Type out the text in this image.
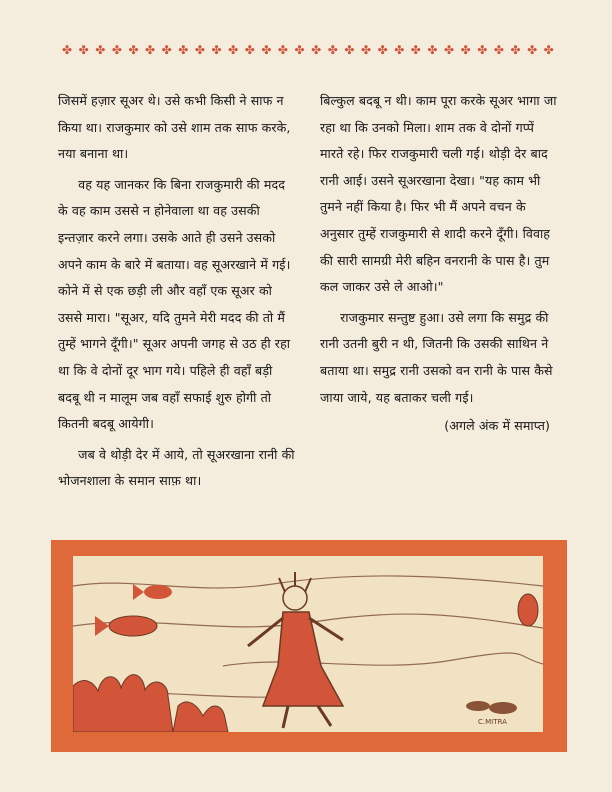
✤ ✤ ✤ ✤ ✤ ✤ ✤ ✤ ✤ ✤ ✤ ✤ ✤ ✤ ✤ ✤ ✤ ✤ ✤ ✤ ✤ ✤ ✤ ✤ ✤ ✤ ✤ ✤ ✤ ✤

जिसमें हज़ार सूअर थे। उसे कभी किसी ने साफ न किया था। राजकुमार को उसे शाम तक साफ करके, नया बनाना था।

वह यह जानकर कि बिना राजकुमारी की मदद के वह काम उससे न होनेवाला था वह उसकी इन्तज़ार करने लगा। उसके आते ही उसने उसको अपने काम के बारे में बताया। वह सूअरखाने में गई। कोने में से एक छड़ी ली और वहाँ एक सूअर को उससे मारा। "सूअर, यदि तुमने मेरी मदद की तो मैं तुम्हें भागने दूँगी।" सूअर अपनी जगह से उठ ही रहा था कि वे दोनों दूर भाग गये। पहिले ही वहाँ बड़ी बदबू थी न मालूम जब वहाँ सफाई शुरु होगी तो कितनी बदबू आयेगी।

जब वे थोड़ी देर में आये, तो सूअरखाना रानी की भोजनशाला के समान साफ़ था।

बिल्कुल बदबू न थी। काम पूरा करके सूअर भागा जा रहा था कि उनको मिला। शाम तक वे दोनों गप्पें मारते रहे। फिर राजकुमारी चली गई। थोड़ी देर बाद रानी आई। उसने सूअरखाना देखा। "यह काम भी तुमने नहीं किया है। फिर भी मैं अपने वचन के अनुसार तुम्हें राजकुमारी से शादी करने दूँगी। विवाह की सारी सामग्री मेरी बहिन वनरानी के पास है। तुम कल जाकर उसे ले आओ।"

राजकुमार सन्तुष्ट हुआ। उसे लगा कि समुद्र की रानी उतनी बुरी न थी, जितनी कि उसकी साथिन ने बताया था। समुद्र रानी उसको वन रानी के पास कैसे जाया जाये, यह बताकर चली गई।

(अगले अंक में समाप्त)

C.MITRA
